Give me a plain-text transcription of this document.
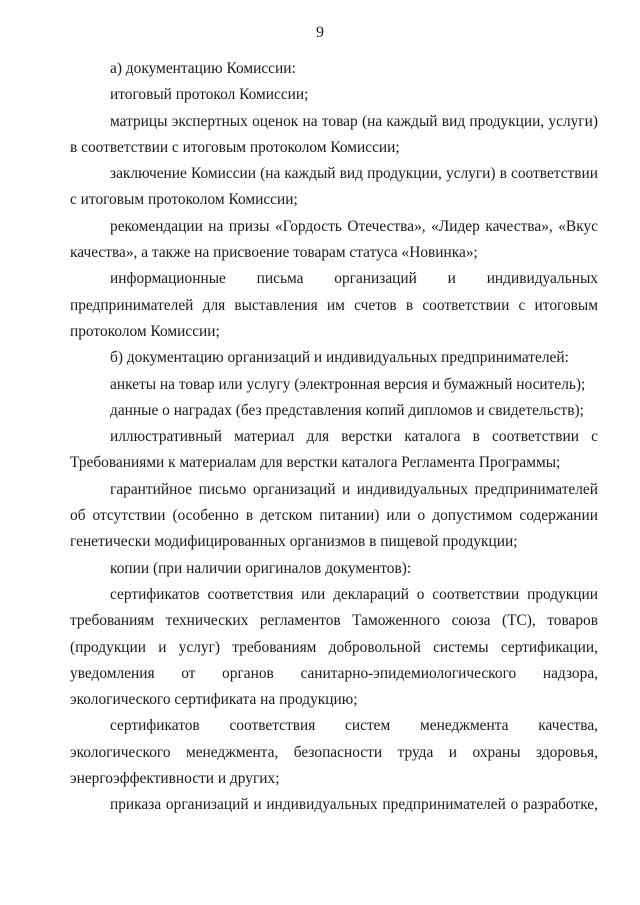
9

а) документацию Комиссии:

итоговый протокол Комиссии;

матрицы экспертных оценок на товар (на каждый вид продукции, услуги) в соответствии с итоговым протоколом Комиссии;

заключение Комиссии (на каждый вид продукции, услуги) в соответствии с итоговым протоколом Комиссии;

рекомендации на призы «Гордость Отечества», «Лидер качества», «Вкус качества», а также на присвоение товарам статуса «Новинка»;

информационные письма организаций и индивидуальных предпринимателей для выставления им счетов в соответствии с итоговым протоколом Комиссии;

б) документацию организаций и индивидуальных предпринимателей:

анкеты на товар или услугу (электронная версия и бумажный носитель);

данные о наградах (без представления копий дипломов и свидетельств);

иллюстративный материал для верстки каталога в соответствии с Требованиями к материалам для верстки каталога Регламента Программы;

гарантийное письмо организаций и индивидуальных предпринимателей об отсутствии (особенно в детском питании) или о допустимом содержании генетически модифицированных организмов в пищевой продукции;

копии (при наличии оригиналов документов):

сертификатов соответствия или деклараций о соответствии продукции требованиям технических регламентов Таможенного союза (ТС), товаров (продукции и услуг) требованиям добровольной системы сертификации, уведомления от органов санитарно-эпидемиологического надзора, экологического сертификата на продукцию;

сертификатов соответствия систем менеджмента качества, экологического менеджмента, безопасности труда и охраны здоровья, энергоэффективности и других;

приказа организаций и индивидуальных предпринимателей о разработке,
